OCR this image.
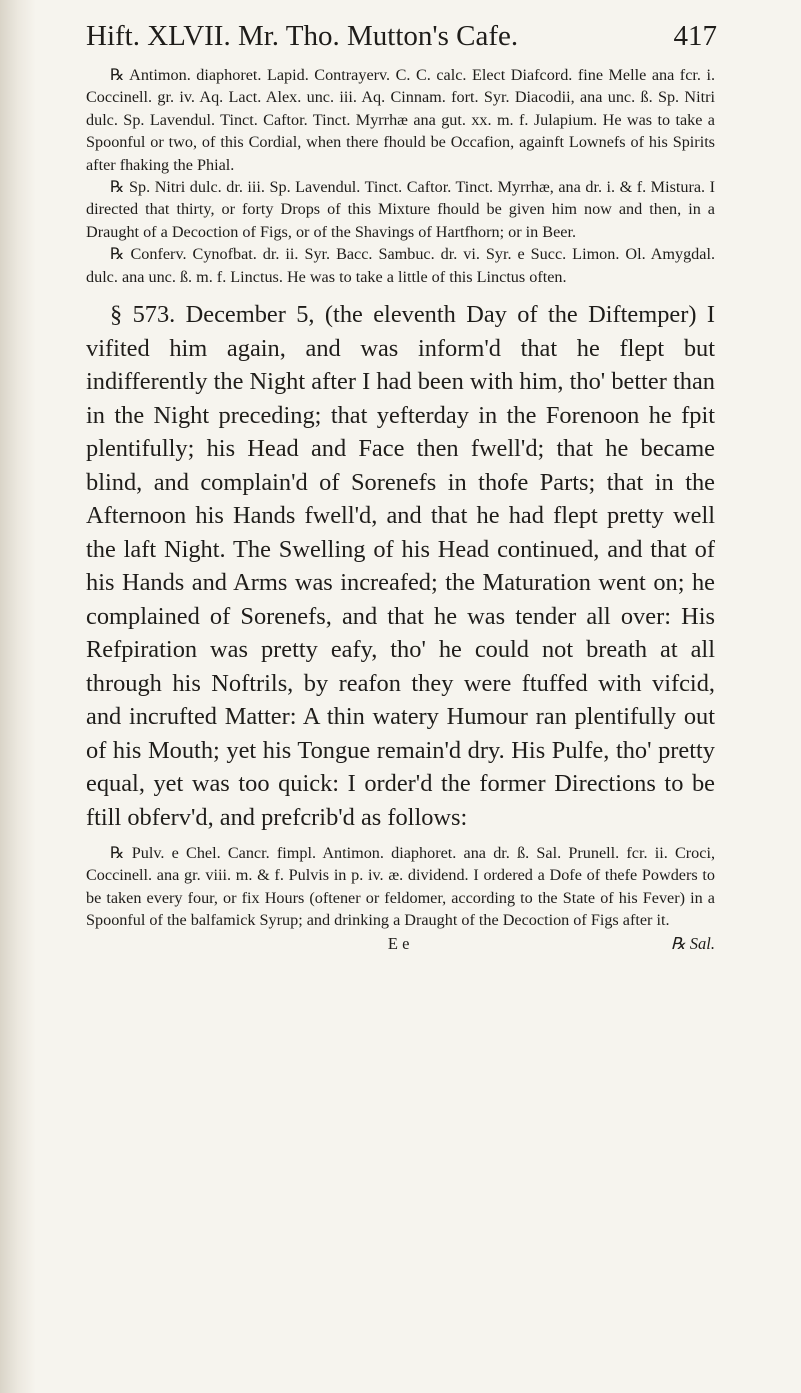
Hift. XLVII. Mr. Tho. Mutton's Cafe.	417

℞ Antimon. diaphoret. Lapid. Contrayerv. C. C. calc. Elect Diafcord. fine Melle ana fcr. i. Coccinell. gr. iv. Aq. Lact. Alex. unc. iii. Aq. Cinnam. fort. Syr. Diacodii, ana unc. ß. Sp. Nitri dulc. Sp. Lavendul. Tinct. Caftor. Tinct. Myrrhæ ana gut. xx. m. f. Julapium. He was to take a Spoonful or two, of this Cordial, when there fhould be Occafion, againft Lownefs of his Spirits after fhaking the Phial.

℞ Sp. Nitri dulc. dr. iii. Sp. Lavendul. Tinct. Caftor. Tinct. Myrrhæ, ana dr. i. & f. Mistura. I directed that thirty, or forty Drops of this Mixture fhould be given him now and then, in a Draught of a Decoction of Figs, or of the Shavings of Hartfhorn; or in Beer.

℞ Conferv. Cynofbat. dr. ii. Syr. Bacc. Sambuc. dr. vi. Syr. e Succ. Limon. Ol. Amygdal. dulc. ana unc. ß. m. f. Linctus. He was to take a little of this Linctus often.

§ 573. December 5, (the eleventh Day of the Diftemper) I vifited him again, and was inform'd that he flept but indifferently the Night after I had been with him, tho' better than in the Night preceding; that yefterday in the Forenoon he fpit plentifully; his Head and Face then fwell'd; that he became blind, and complain'd of Sorenefs in thofe Parts; that in the Afternoon his Hands fwell'd, and that he had flept pretty well the laft Night. The Swelling of his Head continued, and that of his Hands and Arms was increafed; the Maturation went on; he complained of Sorenefs, and that he was tender all over: His Refpiration was pretty eafy, tho' he could not breath at all through his Noftrils, by reafon they were ftuffed with vifcid, and incrufted Matter: A thin watery Humour ran plentifully out of his Mouth; yet his Tongue remain'd dry. His Pulfe, tho' pretty equal, yet was too quick: I order'd the former Directions to be ftill obferv'd, and prefcrib'd as follows:

℞ Pulv. e Chel. Cancr. fimpl. Antimon. diaphoret. ana dr. ß. Sal. Prunell. fcr. ii. Croci, Coccinell. ana gr. viii. m. & f. Pulvis in p. iv. æ. dividend. I ordered a Dofe of thefe Powders to be taken every four, or fix Hours (oftener or feldomer, according to the State of his Fever) in a Spoonful of the balfamick Syrup; and drinking a Draught of the Decoction of Figs after it.

E e	℞ Sal.
